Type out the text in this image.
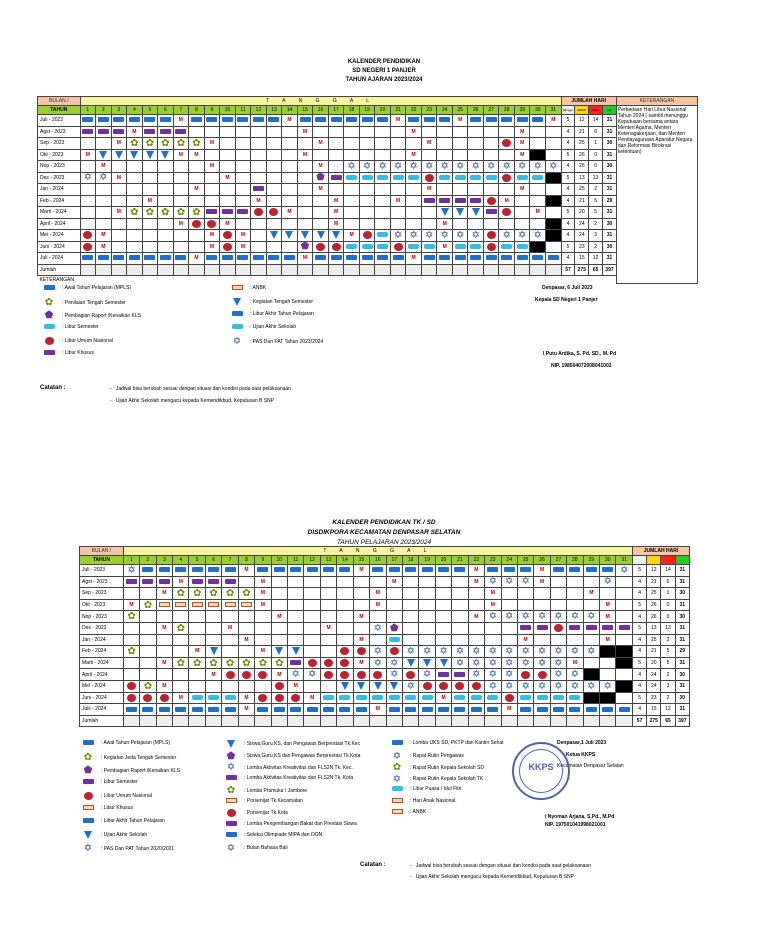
KALENDER PENDIDIKAN
SD NEGERI 1 PANJER
TAHUN AJARAN 2023/2024
BULAN /	T A N G G A L																															JUMLAH HARI				KETERANGAN
TAHUN	1	2	3	4	5	6	7	8	9	10	11	12	13	14	15	16	17	18	19	20	21	22	23	24	25	26	27	28	29	30	31	Minggu	Efektif	Libur	HK	Perbedaan Hari Libur Nasional Tahun 2024 ( sambil menunggu Keputusan bersama antara Menteri Agama, Menteri Ketenagakerjaan, dan Menteri Pendayagunaan Aparatur Negara dan Reformasi Birokrasi ketentuan)
Juli - 2023							M							M							M				M						M	5	12	14	31	
Agst - 2023				M											M							M							M			4	21	6	31	
Sep - 2023			M	✿	✿	✿	✿	✿	M							M							M						M			4	25	1	30	
Okt - 2023	M						M	M							M							M							M			5	26	0	31	
Nop - 2023		M							M							M		✡	✡	✡	✡	✡	✡	✡	✡	✡	✡	✡	✡	✡	✡	4	26	0	30	
Des - 2023	✡	✡	M							M						⬟																5	13	13	31	
Jan - 2024								M								M							M						M			4	25	2	31	
Feb - 2024					M							M					M				M							M				4	21	5	29	
Marti - 2024			M	✿	✿	✿	✿	✿						M			M													M		5	20	5	31	
April - 2024							M			M							M							M								4	24	2	30	
Mei - 2024		M							M		M							M			✡	✡	✡	✡	✡	✡		✡	✡	✡		4	24	3	31	
Juni - 2024		M							M		M				⬟									M								5	23	2	30	
Juli - 2024								M							M							M										4	15	12	31	
Jumlah																																57	275	65	397	
KETERANGAN																																				
: Awal Tahun Pelajaran (MPLS)
✿	: Penilaian Tengah Semester
⬟	: Pembagian Raport /Kenaikan KLS
: Libur Semester
: Libur Umum Nasional
: Libur Khusus
: ANBK
: Kegiatan Tengah Semester
: Libur Akhir Tahun Pelajaran
: Ujian Akhir Sekolah
✡	: PAS Dan PAT Tahun 2023/2024
Denpasar, 6 Juli 2023
Kepala SD Negeri 1 Panjer
I Putu Ardika, S. Pd. SD., M. Pd
NIP. 198504072008041002
Catatan :	-   Jadwal bisa berubah sesuai dengan situasi dan kondisi pada saat pelaksanaan
-   Ujian Akhir Sekolah mengacu kepada Kemendikbud, Keputusan B SNP
KALENDER PENDIDIKAN TK / SD
DISDIKPORA KECAMATAN DENPASAR SELATAN
TAHUN PELAJARAN 2023/2024
BULAN /	T A N G G A L																															JUMLAH HARI			
TAHUN	1	2	3	4	5	6	7	8	9	10	11	12	13	14	15	16	17	18	19	20	21	22	23	24	25	26	27	28	29	30	31				
Juli - 2023	✡							M							M							M				M					✡	5	12	14	31
Agst - 2023				M					M								M					M	✡	✡	✡	M				✡		4	21	6	31
Sep - 2023			M	✿	✿	✿	✿	✿	M							M							M						M			4	25	1	30
Okt - 2023	M	✿							M							M							M							M		5	26	0	31
Nop - 2023	✿									M					M							M	✡	✡	✡	✡	✡	✡	✡	M		4	26	0	30
Des - 2023			M	✿			M						M			✡	⬟															5	13	13	31
Jan - 2024								M							M										M					M		4	25	2	31
Feb - 2024	✿				M				M							✡		✡	✡	✡	✡	✡	✡	✡	✡	✡	✡	✡	✡			4	21	5	29
Marti - 2024			M	✿	✿	✿	✿	✿	✿	✿					M	✡	✡				✡	✡	✡	✡	✡	✡	✡	M				5	20	5	31
April - 2024						M				M	✡	✡					✡		✡			✡	✡	✡			✡	✡				4	24	2	30
Mei - 2024		✿	M								M							✡					✡	✡	✡	✡	✡	✡	✡	✡		4	24	3	31
Juni - 2024				M				M				M								M												5	23	2	30
Julii - 2024								M								M								M								4	15	12	31
Jumlah																																57	275	65	397
: Awal Tahun Pelajaran (MPLS)
✿	: Kegiatan Jeda Tengah Semester
⬟	: Pembagian Raport /Kenaikan KLS
: Libur Semester
: Libur Umum Nasional
: Libur Khusus
: Libur Akhir Tahun Pelajaran
: Ujian Akhir Sekolah
✡	: PAS Dan PAT Tahun 2020/2021
: Siswa,Guru,KS, dan Pengawas Berprestasi Tk.Kec
⬟	: Siswa,Guru,KS dan Pengawas Berprestasi Tk.Kota
✡	: Lomba Aktivitas Kreativitas dan FLS2N Tk. Kec.
: Lomba Aktivitas Kreativitas dan FLS2N Tk. Kota
✿	: Lomba Pramuka / Jambore
: Porsenijar Tk.Kecamatan
: Porsenijar Tk.Kota
: Lomba Pengembangan Bakat dan Prestasi Siswa
: Seleksi Olimpiade MIPA dan OGN
✡	: Bulan Bahasa Bali
: Lomba UKS SD, PKTP dan Kantin Sehat
✡	: Rapat Rutin Pengawas
✿	: Rapat Rutin Kepala Sekolah SD
✡	: Rapat Rutin Kepala Sekolah TK
: Libur Puasa / Idul Fitri
: Hari Anak Nasional.
: ANBK
Denpasar,1 Juli 2023
Ketua KKPS
Kecamatan Denpasar Selatan
KKPS
I Nyoman Arjana, S.Pd., M.Pd
NIP. 197501041998021001
Catatan :	-   Jadwal bisa berubah sesuai dengan situasi dan kondisi pada saat pelaksanaan
-   Ujian Akhir Sekolah mengacu kepada Kemendikbud, Keputusan B SNP
